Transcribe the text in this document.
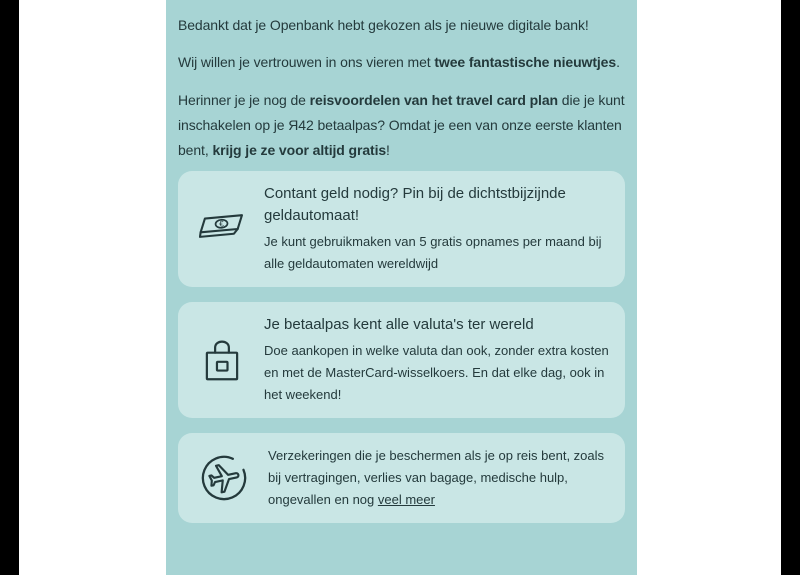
Bedankt dat je Openbank hebt gekozen als je nieuwe digitale bank!

Wij willen je vertrouwen in ons vieren met twee fantastische nieuwtjes.

Herinner je je nog de reisvoordelen van het travel card plan die je kunt inschakelen op je Я42 betaalpas? Omdat je een van onze eerste klanten bent, krijg je ze voor altijd gratis!

€
Contant geld nodig? Pin bij de dichtstbijzijnde geldautomaat!

Je kunt gebruikmaken van 5 gratis opnames per maand bij alle geldautomaten wereldwijd

Je betaalpas kent alle valuta's ter wereld

Doe aankopen in welke valuta dan ook, zonder extra kosten en met de MasterCard-wisselkoers. En dat elke dag, ook in het weekend!

Verzekeringen die je beschermen als je op reis bent, zoals bij vertragingen, verlies van bagage, medische hulp, ongevallen en nog veel meer
